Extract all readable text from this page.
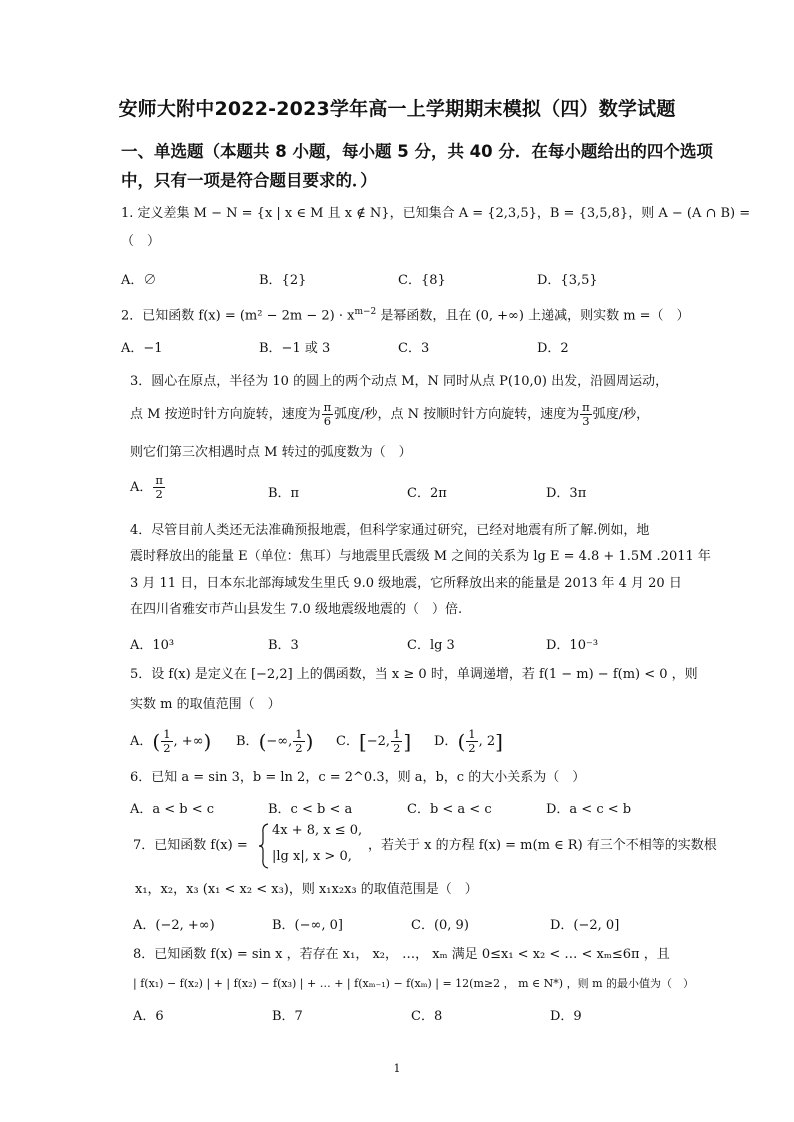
安师大附中2022-2023学年高一上学期期末模拟（四）数学试题
一、单选题（本题共 8 小题，每小题 5 分，共 40 分．在每小题给出的四个选项
中，只有一项是符合题目要求的．）
1. 定义差集 M − N = {x | x ∈ M 且 x ∉ N}，已知集合 A = {2,3,5}，B = {3,5,8}，则 A − (A ∩ B) =
（　）
A．∅	B．{2}	C．{8}	D．{3,5}
2．已知函数 $f(x) = (m^2 - 2m - 2) \cdot x^{m-2}$ 是幂函数，且在 (0, +∞) 上递减，则实数 m =（　）
A．−1	B．−1 或 3	C．3	D．2
3．圆心在原点，半径为 10 的圆上的两个动点 M，N 同时从点 P(10,0) 出发，沿圆周运动，
点 M 按逆时针方向旋转，速度为 $\frac{\pi}{6}$ 弧度/秒，点 N 按顺时针方向旋转，速度为 $\frac{\pi}{3}$ 弧度/秒，
则它们第三次相遇时点 M 转过的弧度数为（　）
A． $\frac{\pi}{2}$	B．π	C．2π	D．3π
4．尽管目前人类还无法准确预报地震，但科学家通过研究，已经对地震有所了解.例如，地
震时释放出的能量 E（单位：焦耳）与地震里氏震级 M 之间的关系为 lg E = 4.8 + 1.5M .2011 年
3 月 11 日，日本东北部海域发生里氏 9.0 级地震，它所释放出来的能量是 2013 年 4 月 20 日
在四川省雅安市芦山县发生 7.0 级地震级地震的（　）倍.
A．10³	B．3	C．lg 3	D．10⁻³
5．设 f(x) 是定义在 [−2,2] 上的偶函数，当 x ≥ 0 时，单调递增，若 f(1 − m) − f(m) < 0 ，则
实数 m 的取值范围（　）
A．( $\frac{1}{2}$ , +∞) B．(−∞, $\frac{1}{2}$ ) C．[−2, $\frac{1}{2}$ ] D．( $\frac{1}{2}$ , 2]
6．已知 a = sin 3，b = ln 2，c = 2^0.3，则 a，b，c 的大小关系为（　）
A．a < b < c	B．c < b < a	C．b < a < c	D．a < c < b
7．已知函数 f(x) =
4x + 8, x ≤ 0,
|lg x|, x > 0,
，若关于 x 的方程 f(x) = m(m ∈ R) 有三个不相等的实数根
x₁，x₂，x₃ (x₁ < x₂ < x₃)，则 x₁x₂x₃ 的取值范围是（　）
A．(−2, +∞)	B．(−∞, 0]	C．(0, 9)	D．(−2, 0]
8．已知函数 f(x) = sin x ，若存在 x₁， x₂， …， xₘ 满足 0≤x₁ < x₂ < … < xₘ≤6π ，且
| f(x₁) − f(x₂) | + | f(x₂) − f(x₃) | + … + | f(xₘ₋₁) − f(xₘ) | = 12(m≥2 ， m ∈ N*) ，则 m 的最小值为（　）
A．6	B．7	C．8	D．9
1
